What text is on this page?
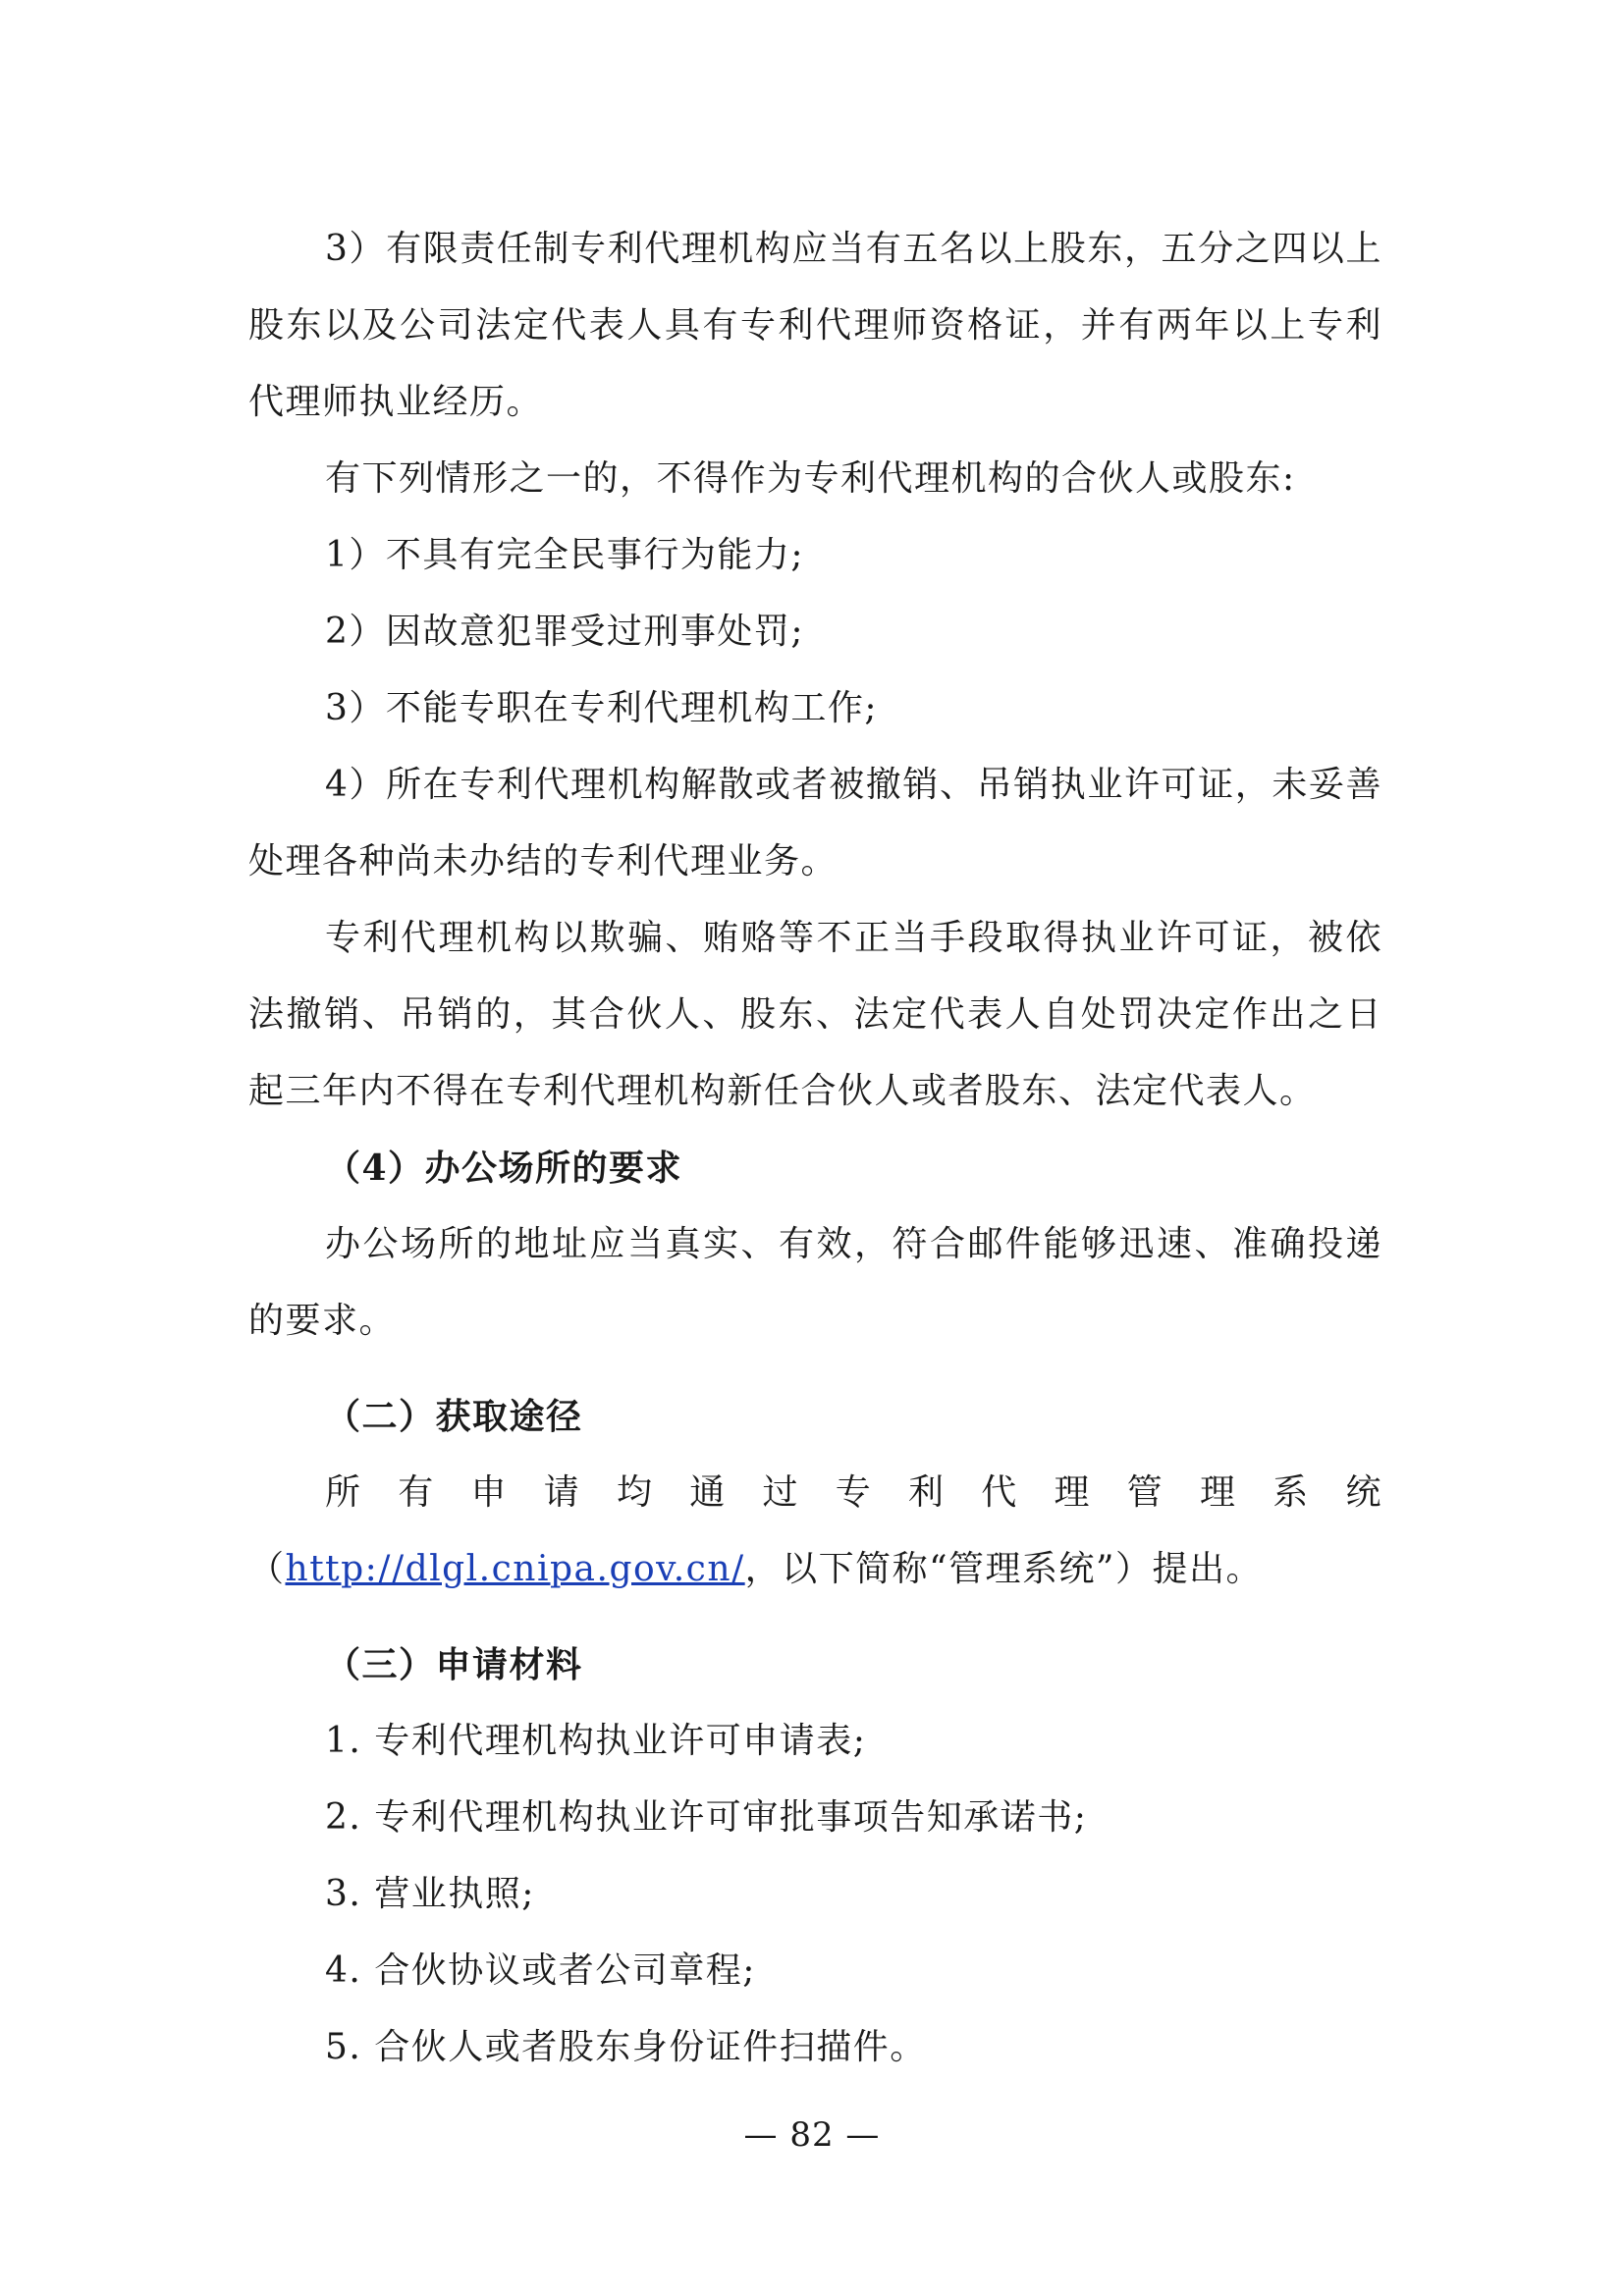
3）有限责任制专利代理机构应当有五名以上股东，五分之四以上股东以及公司法定代表人具有专利代理师资格证，并有两年以上专利代理师执业经历。

有下列情形之一的，不得作为专利代理机构的合伙人或股东:

1）不具有完全民事行为能力;

2）因故意犯罪受过刑事处罚;

3）不能专职在专利代理机构工作;

4）所在专利代理机构解散或者被撤销、吊销执业许可证，未妥善处理各种尚未办结的专利代理业务。

专利代理机构以欺骗、贿赂等不正当手段取得执业许可证，被依法撤销、吊销的，其合伙人、股东、法定代表人自处罚决定作出之日起三年内不得在专利代理机构新任合伙人或者股东、法定代表人。

（4）办公场所的要求

办公场所的地址应当真实、有效，符合邮件能够迅速、准确投递的要求。

（二）获取途径

所有申请均通过专利代理管理系统（http://dlgl.cnipa.gov.cn/，以下简称“管理系统”）提出。

（三）申请材料

1. 专利代理机构执业许可申请表;

2. 专利代理机构执业许可审批事项告知承诺书;

3. 营业执照;

4. 合伙协议或者公司章程;

5. 合伙人或者股东身份证件扫描件。

— 82 —
